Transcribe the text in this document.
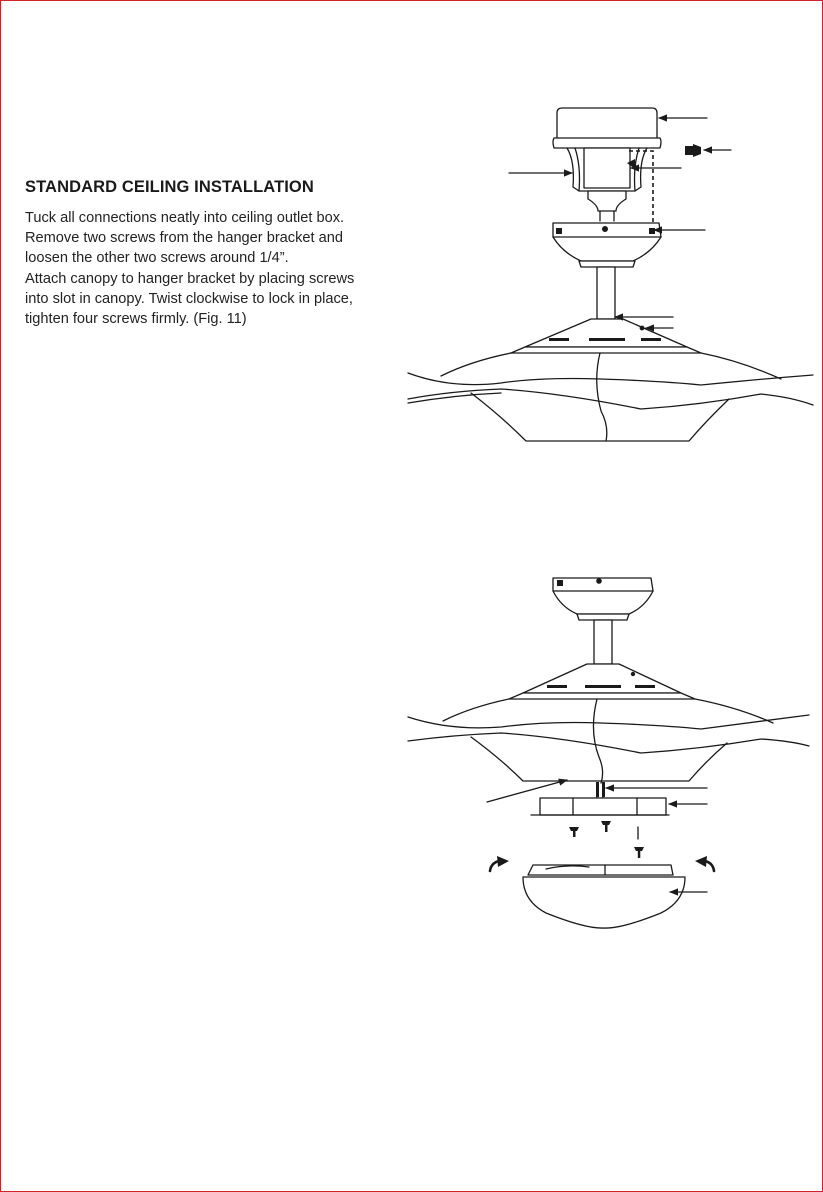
STANDARD CEILING INSTALLATION

Tuck all connections neatly into ceiling outlet box.
Remove two screws from the hanger bracket and
loosen the other two screws around 1/4”.
Attach canopy to hanger bracket by placing screws
into slot in canopy. Twist clockwise to lock in place,
tighten four screws firmly. (Fig. 11)
